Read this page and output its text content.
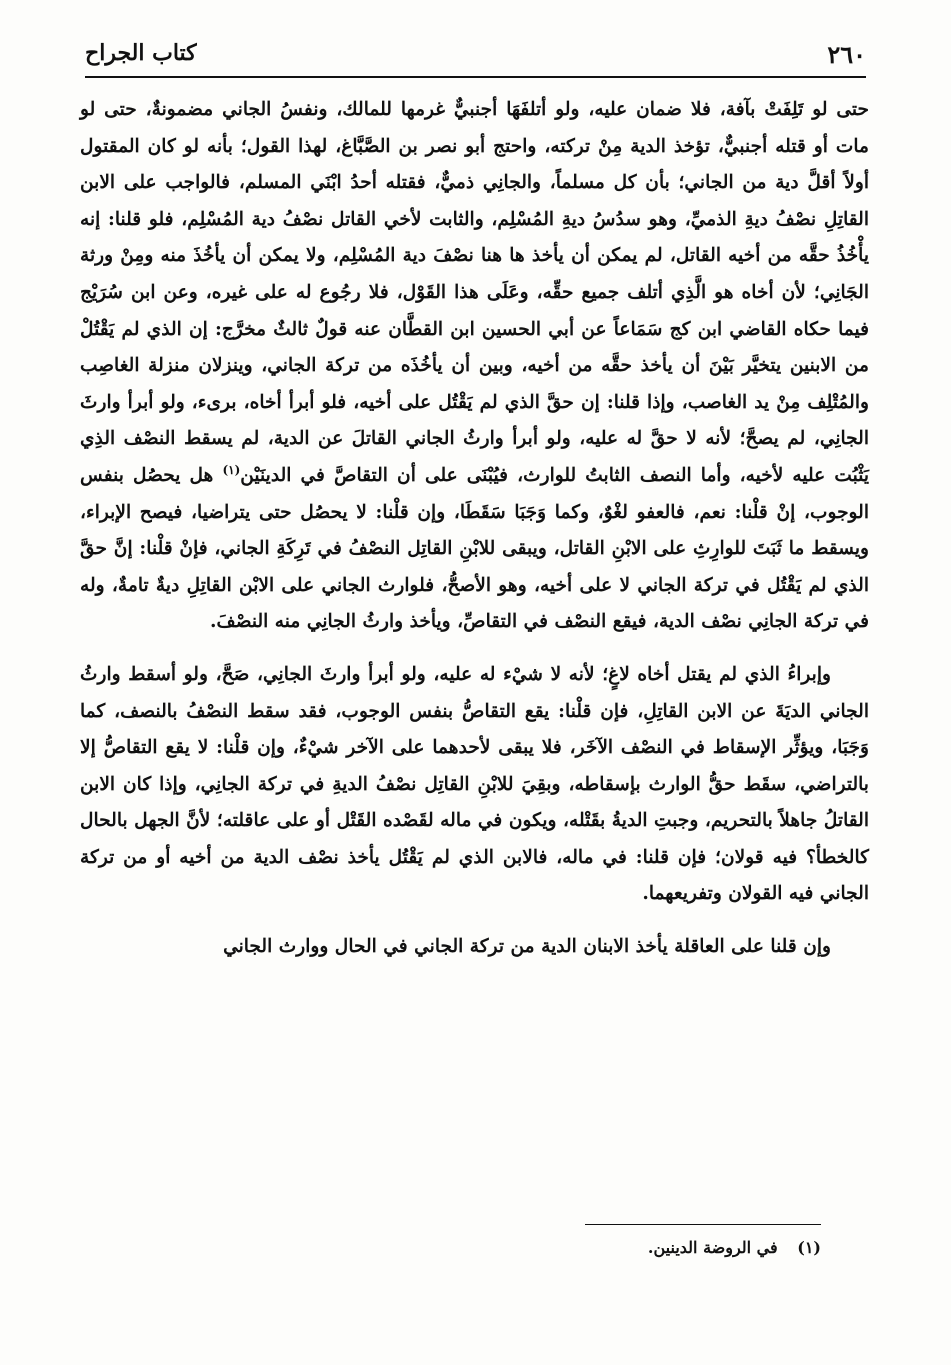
٢٦٠
كتاب الجراح

حتى لو تَلِفَتْ بآفة، فلا ضمان عليه، ولو أتلفَهَا أجنبيٌّ غرمها للمالك، ونفسُ الجاني مضمونةٌ، حتى لو مات أو قتله أجنبيٌّ، تؤخذ الدية مِنْ تركته، واحتج أبو نصر بن الصَّبَّاغ، لهذا القول؛ بأنه لو كان المقتول أولاً أقلَّ دية من الجاني؛ بأن كل مسلماً، والجانِي ذميٌّ، فقتله أحدُ ابْنَي المسلم، فالواجب على الابن القاتِلِ نصْفُ ديةِ الذميِّ، وهو سدُسُ ديةِ المُسْلِم، والثابت لأخي القاتل نصْفُ دية المُسْلِم، فلو قلنا: إنه يأْخُذُ حقَّه من أخيه القاتل، لم يمكن أن يأخذ ها هنا نصْفَ دية المُسْلِم، ولا يمكن أن يأخُذَ منه ومِنْ ورثة الجَانِي؛ لأن أخاه هو الَّذِي أتلف جميع حقِّه، وعَلَى هذا القَوْل، فلا رجُوع له على غيره، وعن ابن سُرَيْج فيما حكاه القاضي ابن كج سَمَاعاً عن أبي الحسين ابن القطَّان عنه قولٌ ثالثٌ مخرَّج: إن الذي لم يَقْتُلْ من الابنين يتخيَّر بَيْنَ أن يأخذ حقَّه من أخيه، وبين أن يأخُذَه من تركة الجاني، وينزلان منزلة الغاصِب والمُتْلِف مِنْ يد الغاصب، وإذا قلنا: إن حقَّ الذي لم يَقْتُل على أخيه، فلو أبرأ أخاه، برىء، ولو أبرأ وارثَ الجانِي، لم يصحَّ؛ لأنه لا حقَّ له عليه، ولو أبرأ وارثُ الجاني القاتلَ عن الدية، لم يسقط النصْف الذِي يَثْبُت عليه لأخيه، وأما النصف الثابتُ للوارث، فيُبْنَى على أن التقاصَّ في الدينَيْن$^{(١)}$ هل يحصُل بنفس الوجوب، إنْ قلْنا: نعم، فالعفو لغْوٌ، وكما وَجَبَا سَقَطَا، وإن قلْنا: لا يحصُل حتى يتراضيا، فيصح الإبراء، ويسقط ما ثَبَتَ للوارِثِ على الابْنِ القاتل، ويبقى للابْنِ القاتِل النصْفُ في تَرِكَةِ الجاني، فإنْ قلْنا: إنَّ حقَّ الذي لم يَقْتُل في تركة الجاني لا على أخيه، وهو الأصحُّ، فلوارث الجاني على الابْن القاتِلِ ديةٌ تامةٌ، وله في تركة الجانِي نصْف الدية، فيقع النصْف في التقاصِّ، ويأخذ وارثُ الجانِي منه النصْفَ.

وإبراءُ الذي لم يقتل أخاه لاغٍ؛ لأنه لا شيْء له عليه، ولو أبرأ وارثَ الجانِي، صَحَّ، ولو أسقط وارثُ الجاني الديَةَ عن الابن القاتِلِ، فإن قلْنا: يقع التقاصُّ بنفس الوجوب، فقد سقط النصْفُ بالنصف، كما وَجَبَا، ويؤثِّر الإسقاط في النصْف الآخَر، فلا يبقى لأحدهما على الآخر شيْءٌ، وإن قلْنا: لا يقع التقاصُّ إلا بالتراضي، سقَط حقُّ الوارث بإسقاطه، وبقِيَ للابْنِ القاتِل نصْفُ الديةِ في تركة الجانِي، وإذا كان الابن القاتلُ جاهلاً بالتحريم، وجبتِ الديةُ بقَتْله، ويكون في ماله لقَصْده القَتْل أو على عاقلته؛ لأنَّ الجهل بالحال كالخطأ؟ فيه قولان؛ فإن قلنا: في ماله، فالابن الذي لم يَقْتُل يأخذ نصْف الدية من أخيه أو من تركة الجاني فيه القولان وتفريعهما.

وإن قلنا على العاقلة يأخذ الابنان الدية من تركة الجاني في الحال ووارث الجاني

(١) في الروضة الدينين.
